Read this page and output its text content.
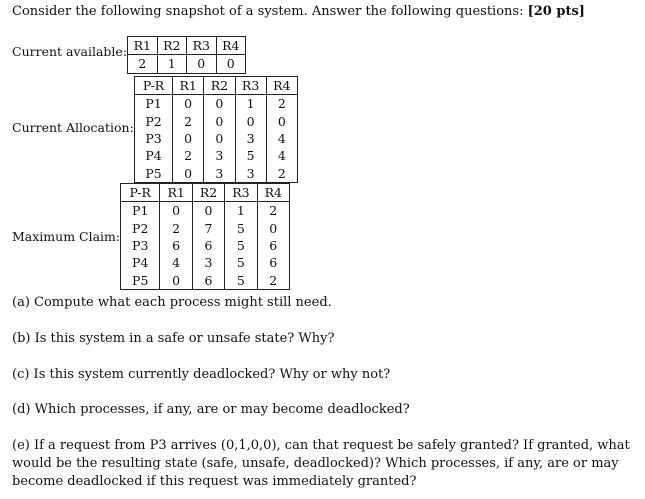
Consider the following snapshot of a system. Answer the following questions: [20 pts]
Current available: R1	R2	R3	R4
2	1	0	0
Current Allocation:
P-R	R1	R2	R3	R4
P1	0	0	1	2
P2	2	0	0	0
P3	0	0	3	4
P4	2	3	5	4
P5	0	3	3	2
Maximum Claim:
P-R	R1	R2	R3	R4
P1	0	0	1	2
P2	2	7	5	0
P3	6	6	5	6
P4	4	3	5	6
P5	0	6	5	2
(a) Compute what each process might still need.
(b) Is this system in a safe or unsafe state? Why?
(c) Is this system currently deadlocked? Why or why not?
(d) Which processes, if any, are or may become deadlocked?
(e) If a request from P3 arrives (0,1,0,0), can that request be safely granted? If granted, what would be the resulting state (safe, unsafe, deadlocked)? Which processes, if any, are or may become deadlocked if this request was immediately granted?
